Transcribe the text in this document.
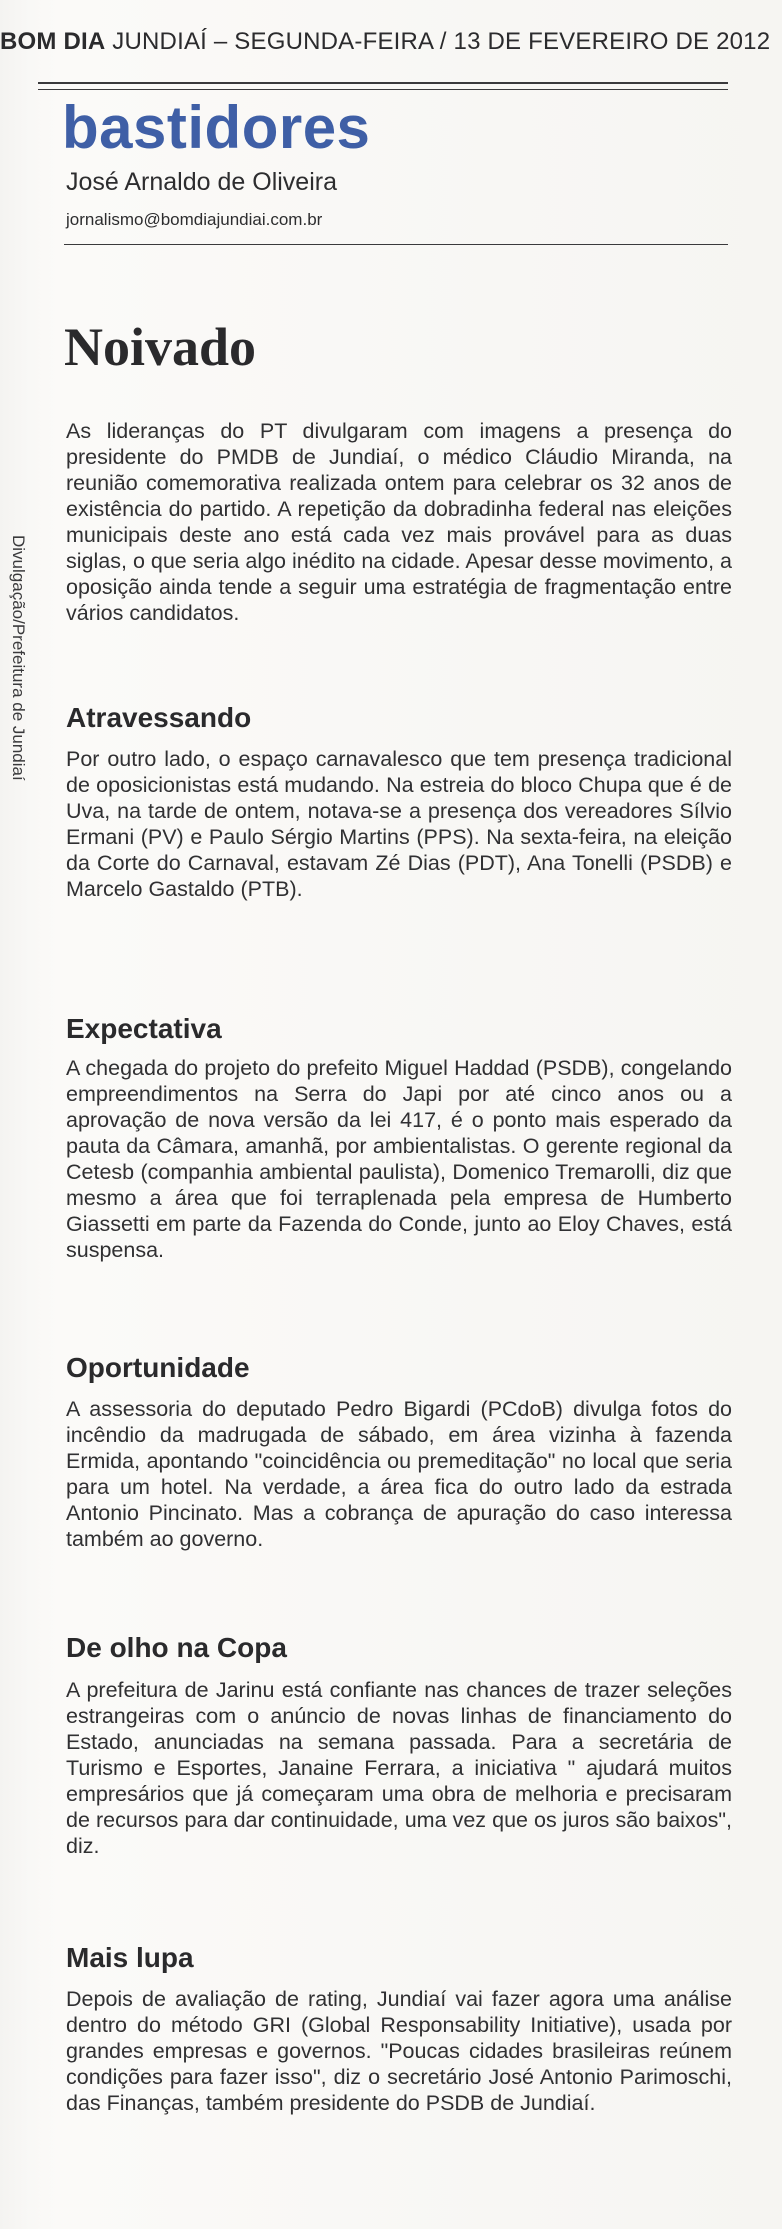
BOM DIA JUNDIAÍ – SEGUNDA-FEIRA / 13 DE FEVEREIRO DE 2012
bastidores
José Arnaldo de Oliveira
jornalismo@bomdiajundiai.com.br
Divulgação/Prefeitura de Jundiaí
Noivado

As lideranças do PT divulgaram com imagens a presença do presidente do PMDB de Jundiaí, o médico Cláudio Miranda, na reunião comemorativa realizada ontem para celebrar os 32 anos de existência do partido. A repetição da dobradinha federal nas eleições municipais deste ano está cada vez mais provável para as duas siglas, o que seria algo inédito na cidade. Apesar desse movimento, a oposição ainda tende a seguir uma estratégia de fragmentação entre vários candidatos.

Atravessando

Por outro lado, o espaço carnavalesco que tem presença tradicional de oposicionistas está mudando. Na estreia do bloco Chupa que é de Uva, na tarde de ontem, notava-se a presença dos vereadores Sílvio Ermani (PV) e Paulo Sérgio Martins (PPS). Na sexta-feira, na eleição da Corte do Carnaval, estavam Zé Dias (PDT), Ana Tonelli (PSDB) e Marcelo Gastaldo (PTB).

Expectativa

A chegada do projeto do prefeito Miguel Haddad (PSDB), congelando empreendimentos na Serra do Japi por até cinco anos ou a aprovação de nova versão da lei 417, é o ponto mais esperado da pauta da Câmara, amanhã, por ambientalistas. O gerente regional da Cetesb (companhia ambiental paulista), Domenico Tremarolli, diz que mesmo a área que foi terraplenada pela empresa de Humberto Giassetti em parte da Fazenda do Conde, junto ao Eloy Chaves, está suspensa.

Oportunidade

A assessoria do deputado Pedro Bigardi (PCdoB) divulga fotos do incêndio da madrugada de sábado, em área vizinha à fazenda Ermida, apontando "coincidência ou premeditação" no local que seria para um hotel. Na verdade, a área fica do outro lado da estrada Antonio Pincinato. Mas a cobrança de apuração do caso interessa também ao governo.

De olho na Copa

A prefeitura de Jarinu está confiante nas chances de trazer seleções estrangeiras com o anúncio de novas linhas de financiamento do Estado, anunciadas na semana passada. Para a secretária de Turismo e Esportes, Janaine Ferrara, a iniciativa " ajudará muitos empresários que já começaram uma obra de melhoria e precisaram de recursos para dar continuidade, uma vez que os juros são baixos", diz.

Mais lupa

Depois de avaliação de rating, Jundiaí vai fazer agora uma análise dentro do método GRI (Global Responsability Initiative), usada por grandes empresas e governos. "Poucas cidades brasileiras reúnem condições para fazer isso", diz o secretário José Antonio Parimoschi, das Finanças, também presidente do PSDB de Jundiaí.
